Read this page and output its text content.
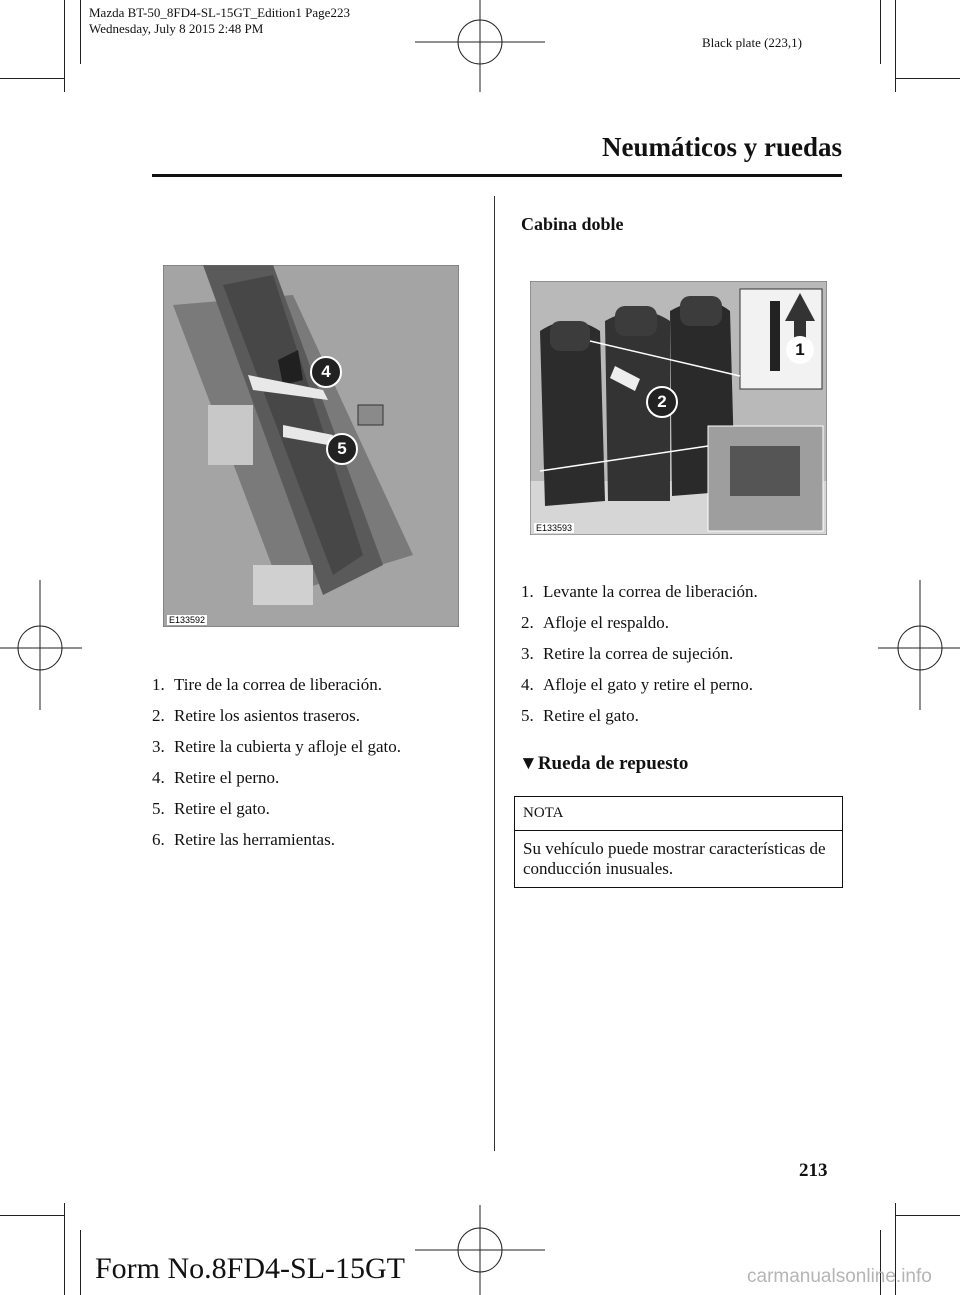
Mazda BT-50_8FD4-SL-15GT_Edition1 Page223
Wednesday, July 8 2015 2:48 PM
Black plate (223,1)
Neumáticos y ruedas
4
5
E133592
1. Tire de la correa de liberación.
2. Retire los asientos traseros.
3. Retire la cubierta y afloje el gato.
4. Retire el perno.
5. Retire el gato.
6. Retire las herramientas.
Cabina doble
1
2
E133593
1. Levante la correa de liberación.
2. Afloje el respaldo.
3. Retire la correa de sujeción.
4. Afloje el gato y retire el perno.
5. Retire el gato.
▼Rueda de repuesto
NOTA
Su vehículo puede mostrar características de conducción inusuales.
213
Form No.8FD4-SL-15GT	carmanualsonline.info
